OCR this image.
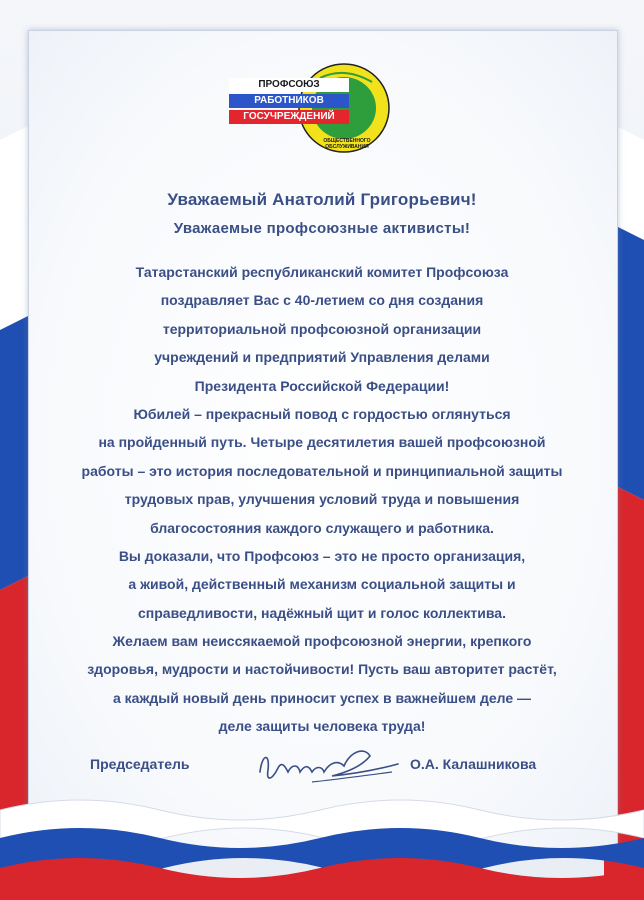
ПРОФСОЮЗ
РАБОТНИКОВ
ГОСУЧРЕЖДЕНИЙ
ОБЩЕСТВЕННОГО ОБСЛУЖИВАНИЯ
Уважаемый Анатолий Григорьевич!
Уважаемые профсоюзные активисты!
Татарстанский республиканский комитет Профсоюза
поздравляет Вас с 40-летием со дня создания
территориальной профсоюзной организации
учреждений и предприятий Управления делами
Президента Российской Федерации!
Юбилей – прекрасный повод с гордостью оглянуться
на пройденный путь. Четыре десятилетия вашей профсоюзной
работы – это история последовательной и принципиальной защиты
трудовых прав, улучшения условий труда и повышения
благосостояния каждого служащего и работника.
Вы доказали, что Профсоюз – это не просто организация,
а живой, действенный механизм социальной защиты и
справедливости, надёжный щит и голос коллектива.
Желаем вам неиссякаемой профсоюзной энергии, крепкого
здоровья, мудрости и настойчивости! Пусть ваш авторитет растёт,
а каждый новый день приносит успех в важнейшем деле —
деле защиты человека труда!
Председатель	О.А. Калашникова
